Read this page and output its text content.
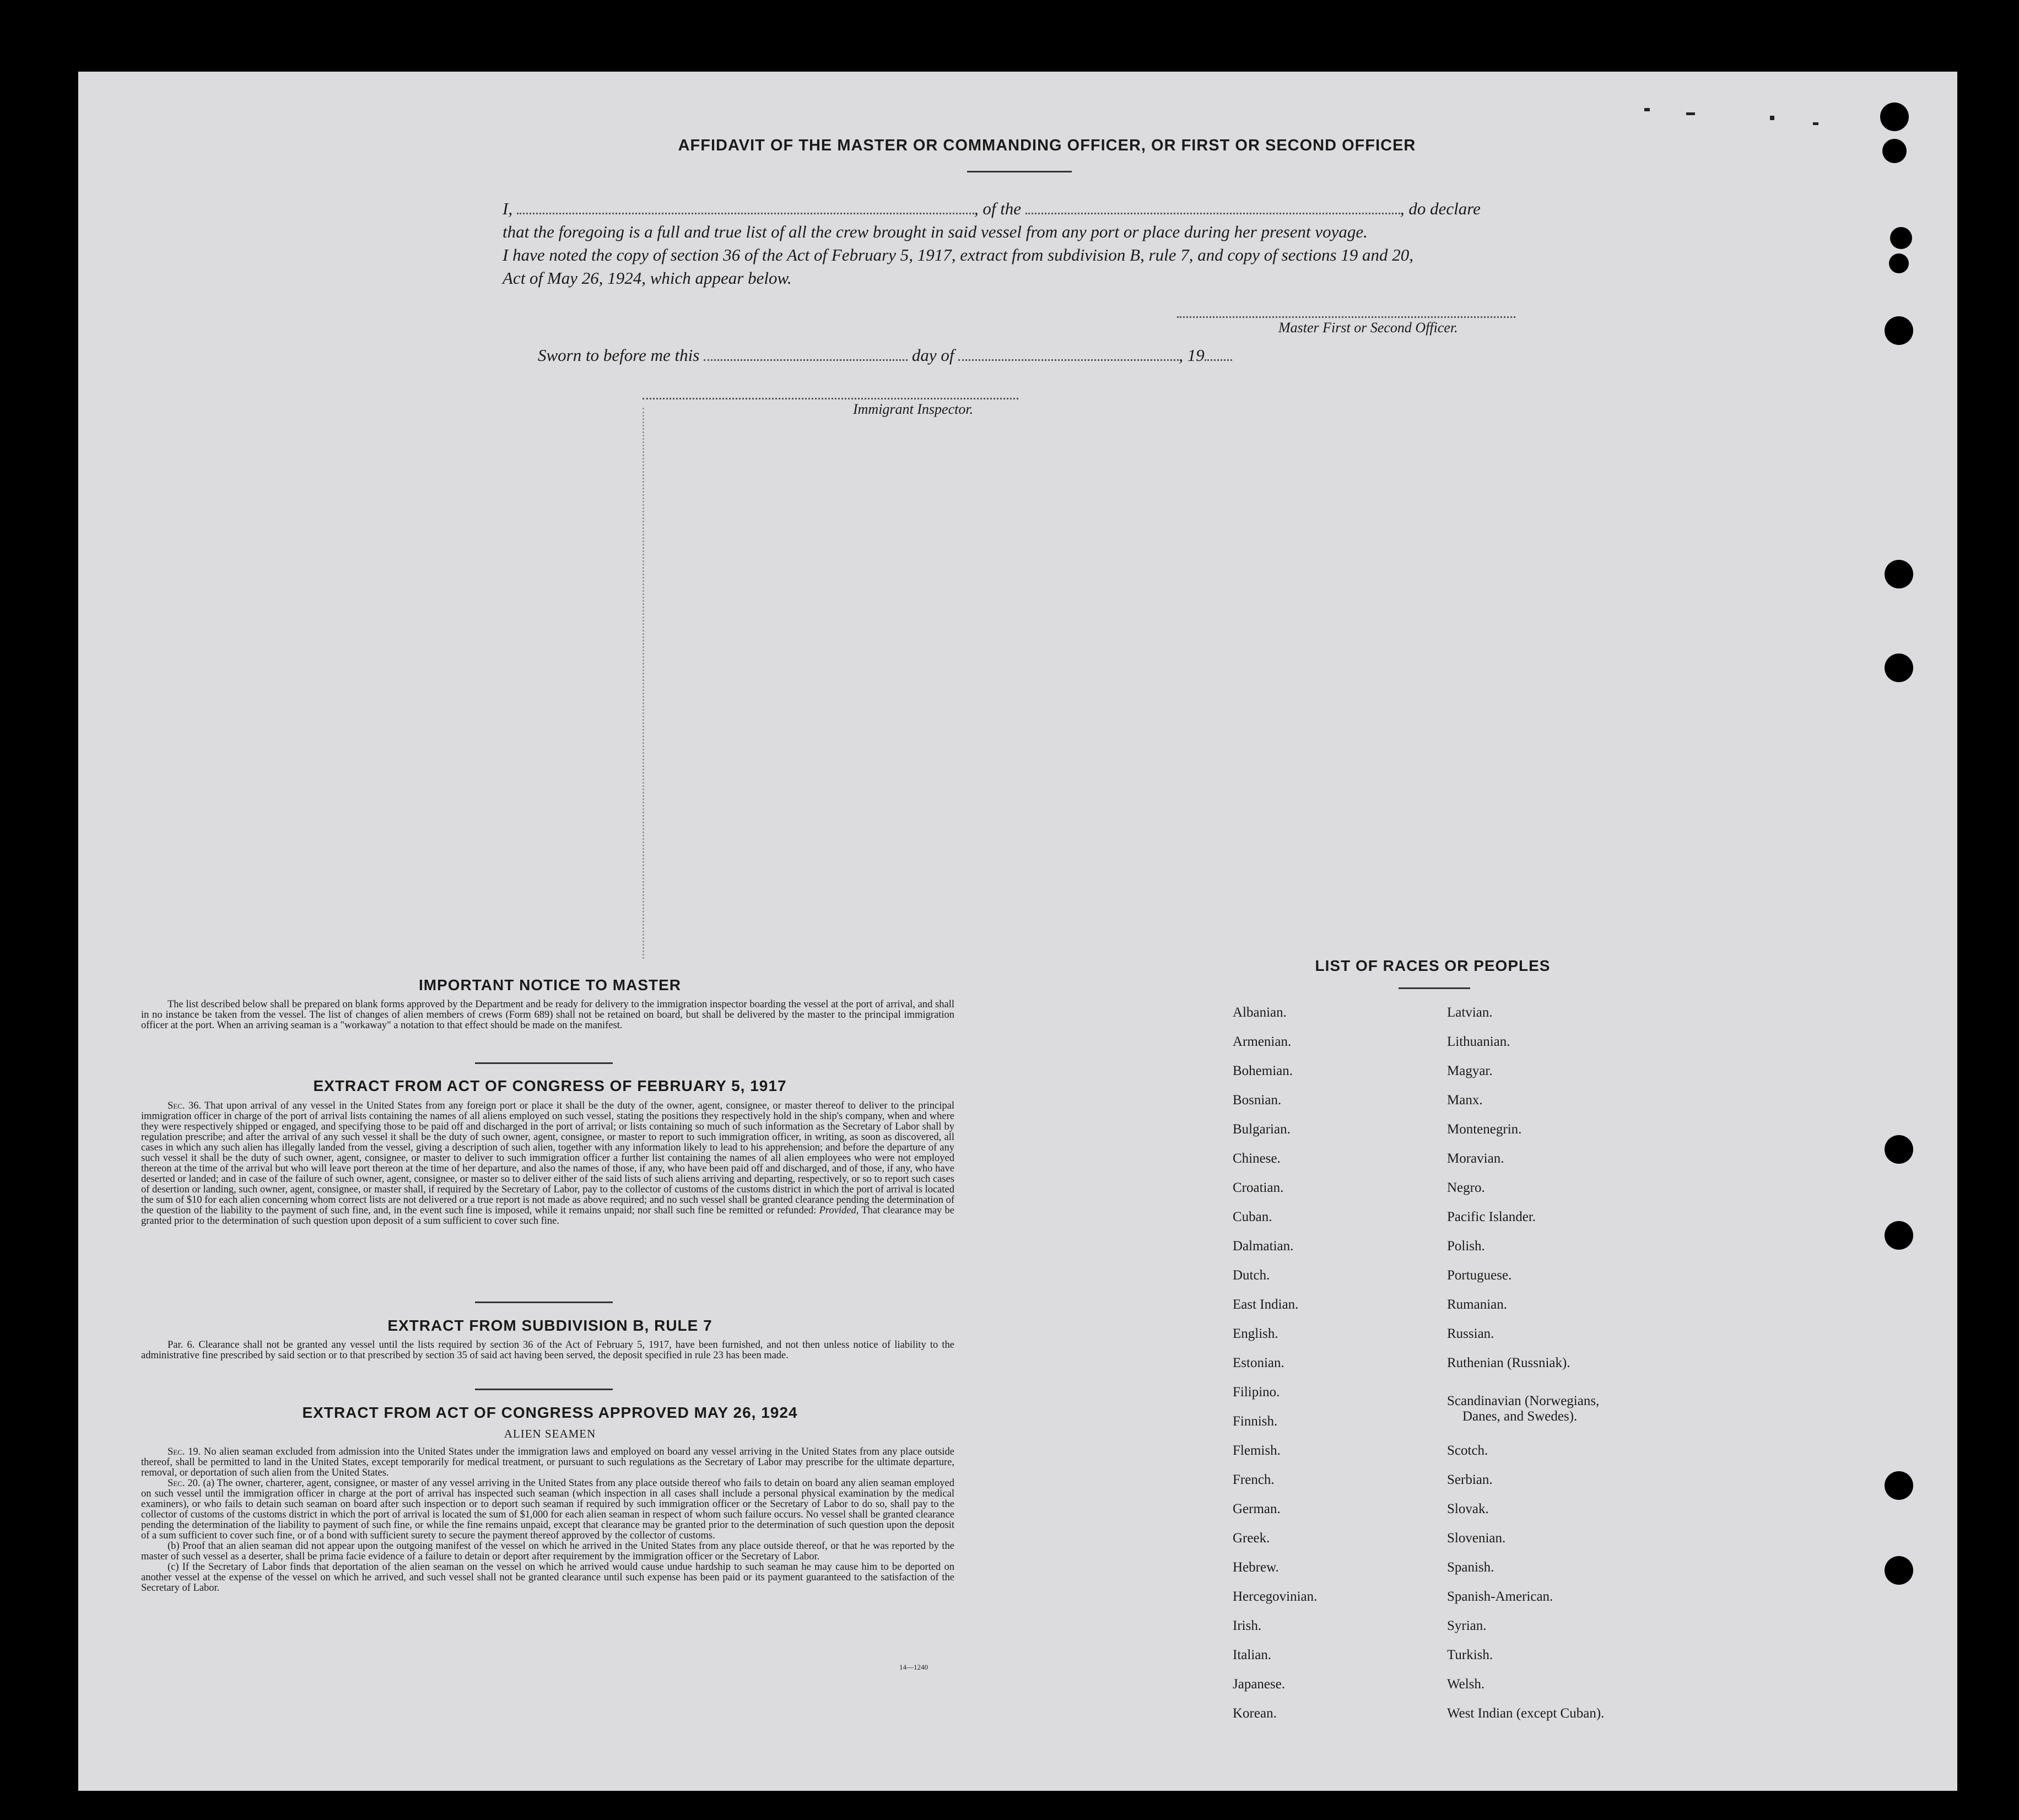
AFFIDAVIT OF THE MASTER OR COMMANDING OFFICER, OR FIRST OR SECOND OFFICER
I,	, of the	, do declare
that the foregoing is a full and true list of all the crew brought in said vessel from any port or place during her present voyage.
I have noted the copy of section 36 of the Act of February 5, 1917, extract from subdivision B, rule 7, and copy of sections 19 and 20,
Act of May 26, 1924, which appear below.
Master First or Second Officer.
Sworn to before me this	day of	, 19
Immigrant Inspector.
IMPORTANT NOTICE TO MASTER

The list described below shall be prepared on blank forms approved by the Department and be ready for delivery to the immigration inspector boarding the vessel at the port of arrival, and shall in no instance be taken from the vessel. The list of changes of alien members of crews (Form 689) shall not be retained on board, but shall be delivered by the master to the principal immigration officer at the port. When an arriving seaman is a "workaway" a notation to that effect should be made on the manifest.

EXTRACT FROM ACT OF CONGRESS OF FEBRUARY 5, 1917

Sec. 36. That upon arrival of any vessel in the United States from any foreign port or place it shall be the duty of the owner, agent, consignee, or master thereof to deliver to the principal immigration officer in charge of the port of arrival lists containing the names of all aliens employed on such vessel, stating the positions they respectively hold in the ship's company, when and where they were respectively shipped or engaged, and specifying those to be paid off and discharged in the port of arrival; or lists containing so much of such information as the Secretary of Labor shall by regulation prescribe; and after the arrival of any such vessel it shall be the duty of such owner, agent, consignee, or master to report to such immigration officer, in writing, as soon as discovered, all cases in which any such alien has illegally landed from the vessel, giving a description of such alien, together with any information likely to lead to his apprehension; and before the departure of any such vessel it shall be the duty of such owner, agent, consignee, or master to deliver to such immigration officer a further list containing the names of all alien employees who were not employed thereon at the time of the arrival but who will leave port thereon at the time of her departure, and also the names of those, if any, who have been paid off and discharged, and of those, if any, who have deserted or landed; and in case of the failure of such owner, agent, consignee, or master so to deliver either of the said lists of such aliens arriving and departing, respectively, or so to report such cases of desertion or landing, such owner, agent, consignee, or master shall, if required by the Secretary of Labor, pay to the collector of customs of the customs district in which the port of arrival is located the sum of $10 for each alien concerning whom correct lists are not delivered or a true report is not made as above required; and no such vessel shall be granted clearance pending the determination of the question of the liability to the payment of such fine, and, in the event such fine is imposed, while it remains unpaid; nor shall such fine be remitted or refunded: Provided, That clearance may be granted prior to the determination of such question upon deposit of a sum sufficient to cover such fine.

EXTRACT FROM SUBDIVISION B, RULE 7

Par. 6. Clearance shall not be granted any vessel until the lists required by section 36 of the Act of February 5, 1917, have been furnished, and not then unless notice of liability to the administrative fine prescribed by said section or to that prescribed by section 35 of said act having been served, the deposit specified in rule 23 has been made.

EXTRACT FROM ACT OF CONGRESS APPROVED MAY 26, 1924
ALIEN SEAMEN

Sec. 19. No alien seaman excluded from admission into the United States under the immigration laws and employed on board any vessel arriving in the United States from any place outside thereof, shall be permitted to land in the United States, except temporarily for medical treatment, or pursuant to such regulations as the Secretary of Labor may prescribe for the ultimate departure, removal, or deportation of such alien from the United States.

Sec. 20. (a) The owner, charterer, agent, consignee, or master of any vessel arriving in the United States from any place outside thereof who fails to detain on board any alien seaman employed on such vessel until the immigration officer in charge at the port of arrival has inspected such seaman (which inspection in all cases shall include a personal physical examination by the medical examiners), or who fails to detain such seaman on board after such inspection or to deport such seaman if required by such immigration officer or the Secretary of Labor to do so, shall pay to the collector of customs of the customs district in which the port of arrival is located the sum of $1,000 for each alien seaman in respect of whom such failure occurs. No vessel shall be granted clearance pending the determination of the liability to payment of such fine, or while the fine remains unpaid, except that clearance may be granted prior to the determination of such question upon the deposit of a sum sufficient to cover such fine, or of a bond with sufficient surety to secure the payment thereof approved by the collector of customs.

(b) Proof that an alien seaman did not appear upon the outgoing manifest of the vessel on which he arrived in the United States from any place outside thereof, or that he was reported by the master of such vessel as a deserter, shall be prima facie evidence of a failure to detain or deport after requirement by the immigration officer or the Secretary of Labor.

(c) If the Secretary of Labor finds that deportation of the alien seaman on the vessel on which he arrived would cause undue hardship to such seaman he may cause him to be deported on another vessel at the expense of the vessel on which he arrived, and such vessel shall not be granted clearance until such expense has been paid or its payment guaranteed to the satisfaction of the Secretary of Labor.

14—1240
LIST OF RACES OR PEOPLES
Albanian.
Armenian.
Bohemian.
Bosnian.
Bulgarian.
Chinese.
Croatian.
Cuban.
Dalmatian.
Dutch.
East Indian.
English.
Estonian.
Filipino.
Finnish.
Flemish.
French.
German.
Greek.
Hebrew.
Hercegovinian.
Irish.
Italian.
Japanese.
Korean.
Latvian.
Lithuanian.
Magyar.
Manx.
Montenegrin.
Moravian.
Negro.
Pacific Islander.
Polish.
Portuguese.
Rumanian.
Russian.
Ruthenian (Russniak).
Scandinavian (Norwegians,
Danes, and Swedes).
Scotch.
Serbian.
Slovak.
Slovenian.
Spanish.
Spanish-American.
Syrian.
Turkish.
Welsh.
West Indian (except Cuban).
